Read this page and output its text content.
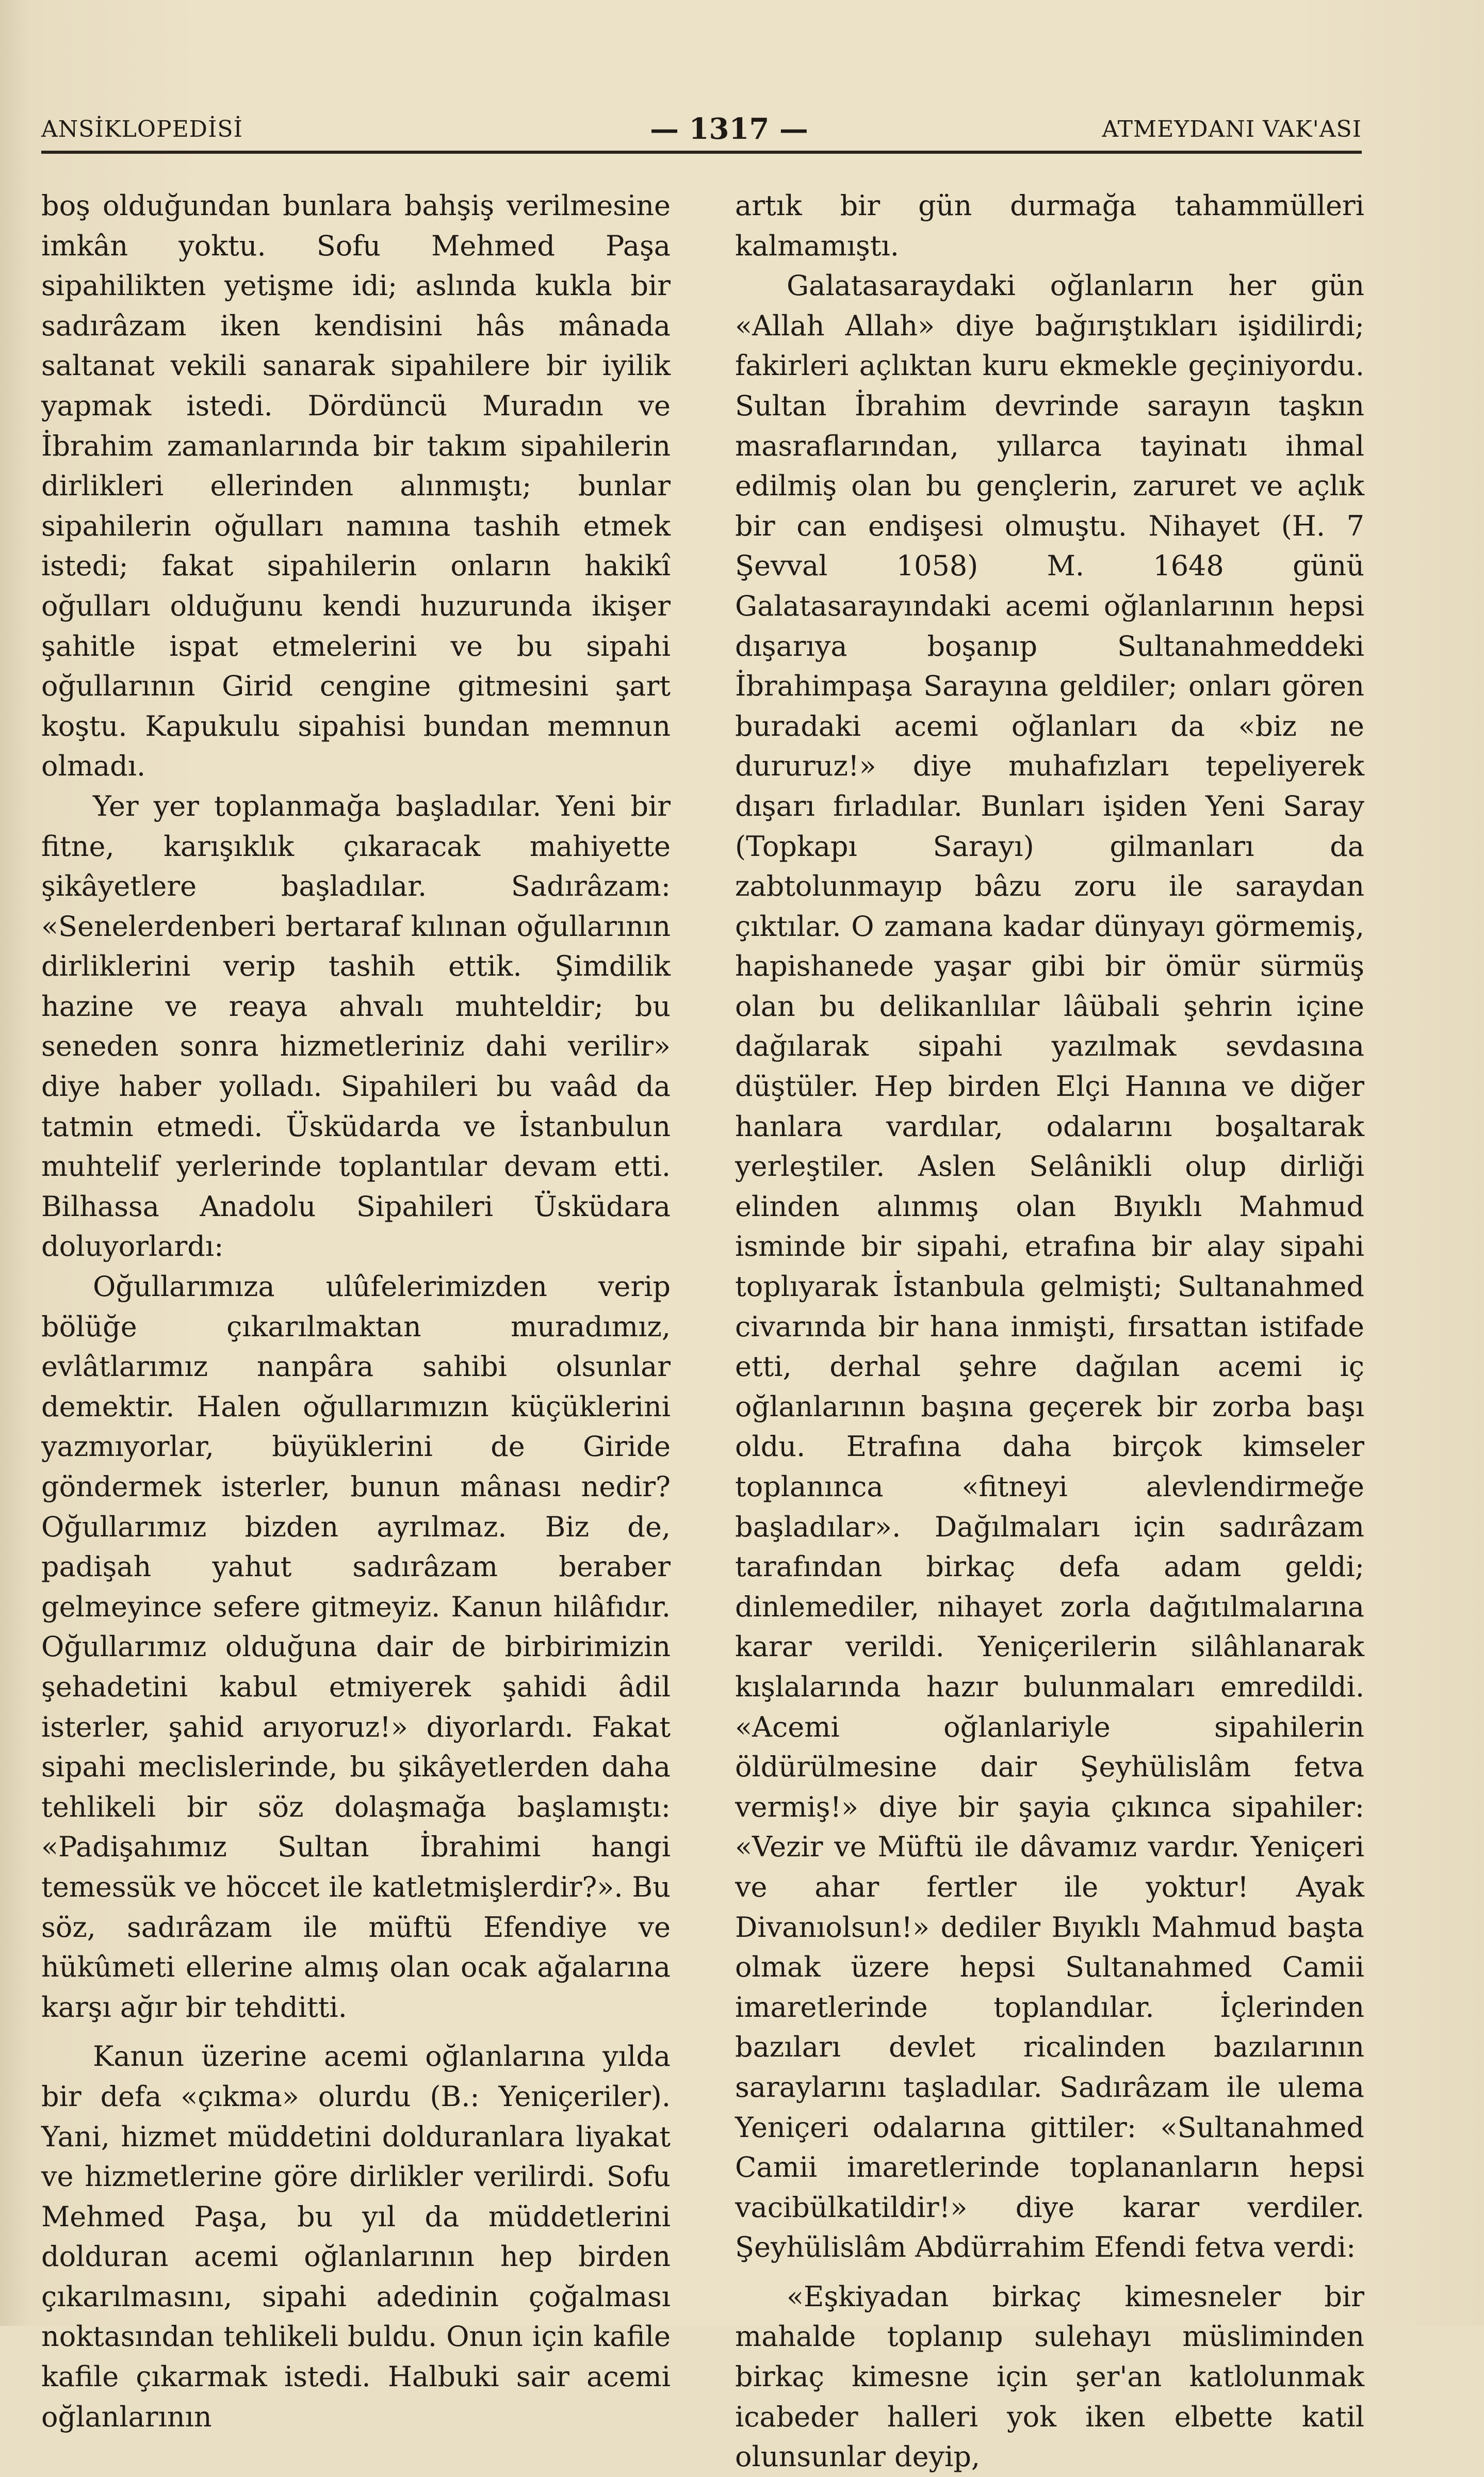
ANSİKLOPEDİSİ	— 1317 —	ATMEYDANI VAK'ASI

boş olduğundan bunlara bahşiş verilmesine imkân yoktu. Sofu Mehmed Paşa sipahilikten yetişme idi; aslında kukla bir sadırâzam iken kendisini hâs mânada saltanat vekili sanarak sipahilere bir iyilik yapmak istedi. Dördüncü Muradın ve İbrahim zamanlarında bir takım sipahilerin dirlikleri ellerinden alınmıştı; bunlar sipahilerin oğulları namına tashih etmek istedi; fakat sipahilerin onların hakikî oğulları olduğunu kendi huzurunda ikişer şahitle ispat etmelerini ve bu sipahi oğullarının Girid cengine gitmesini şart koştu. Kapukulu sipahisi bundan memnun olmadı.

Yer yer toplanmağa başladılar. Yeni bir fitne, karışıklık çıkaracak mahiyette şikâyetlere başladılar. Sadırâzam: «Senelerdenberi bertaraf kılınan oğullarının dirliklerini verip tashih ettik. Şimdilik hazine ve reaya ahvalı muhteldir; bu seneden sonra hizmetleriniz dahi verilir» diye haber yolladı. Sipahileri bu vaâd da tatmin etmedi. Üsküdarda ve İstanbulun muhtelif yerlerinde toplantılar devam etti. Bilhassa Anadolu Sipahileri Üsküdara doluyorlardı:

Oğullarımıza ulûfelerimizden verip bölüğe çıkarılmaktan muradımız, evlâtlarımız nanpâra sahibi olsunlar demektir. Halen oğullarımızın küçüklerini yazmıyorlar, büyüklerini de Giride göndermek isterler, bunun mânası nedir? Oğullarımız bizden ayrılmaz. Biz de, padişah yahut sadırâzam beraber gelmeyince sefere gitmeyiz. Kanun hilâfıdır. Oğullarımız olduğuna dair de birbirimizin şehadetini kabul etmiyerek şahidi âdil isterler, şahid arıyoruz!» diyorlardı. Fakat sipahi meclislerinde, bu şikâyetlerden daha tehlikeli bir söz dolaşmağa başlamıştı: «Padişahımız Sultan İbrahimi hangi temessük ve höccet ile katletmişlerdir?». Bu söz, sadırâzam ile müftü Efendiye ve hükûmeti ellerine almış olan ocak ağalarına karşı ağır bir tehditti.

Kanun üzerine acemi oğlanlarına yılda bir defa «çıkma» olurdu (B.: Yeniçeriler). Yani, hizmet müddetini dolduranlara liyakat ve hizmetlerine göre dirlikler verilirdi. Sofu Mehmed Paşa, bu yıl da müddetlerini dolduran acemi oğlanlarının hep birden çıkarılmasını, sipahi adedinin çoğalması noktasından tehlikeli buldu. Onun için kafile kafile çıkarmak istedi. Halbuki sair acemi oğlanlarının

artık bir gün durmağa tahammülleri kalmamıştı.

Galatasaraydaki oğlanların her gün «Allah Allah» diye bağırıştıkları işidilirdi; fakirleri açlıktan kuru ekmekle geçiniyordu. Sultan İbrahim devrinde sarayın taşkın masraflarından, yıllarca tayinatı ihmal edilmiş olan bu gençlerin, zaruret ve açlık bir can endişesi olmuştu. Nihayet (H. 7 Şevval 1058) M. 1648 günü Galatasarayındaki acemi oğlanlarının hepsi dışarıya boşanıp Sultanahmeddeki İbrahimpaşa Sarayına geldiler; onları gören buradaki acemi oğlanları da «biz ne dururuz!» diye muhafızları tepeliyerek dışarı fırladılar. Bunları işiden Yeni Saray (Topkapı Sarayı) gilmanları da zabtolunmayıp bâzu zoru ile saraydan çıktılar. O zamana kadar dünyayı görmemiş, hapishanede yaşar gibi bir ömür sürmüş olan bu delikanlılar lâübali şehrin içine dağılarak sipahi yazılmak sevdasına düştüler. Hep birden Elçi Hanına ve diğer hanlara vardılar, odalarını boşaltarak yerleştiler. Aslen Selânikli olup dirliği elinden alınmış olan Bıyıklı Mahmud isminde bir sipahi, etrafına bir alay sipahi toplıyarak İstanbula gelmişti; Sultanahmed civarında bir hana inmişti, fırsattan istifade etti, derhal şehre dağılan acemi iç oğlanlarının başına geçerek bir zorba başı oldu. Etrafına daha birçok kimseler toplanınca «fitneyi alevlendirmeğe başladılar». Dağılmaları için sadırâzam tarafından birkaç defa adam geldi; dinlemediler, nihayet zorla dağıtılmalarına karar verildi. Yeniçerilerin silâhlanarak kışlalarında hazır bulunmaları emredildi. «Acemi oğlanlariyle sipahilerin öldürülmesine dair Şeyhülislâm fetva vermiş!» diye bir şayia çıkınca sipahiler: «Vezir ve Müftü ile dâvamız vardır. Yeniçeri ve ahar fertler ile yoktur! Ayak Divanıolsun!» dediler Bıyıklı Mahmud başta olmak üzere hepsi Sultanahmed Camii imaretlerinde toplandılar. İçlerinden bazıları devlet ricalinden bazılarının saraylarını taşladılar. Sadırâzam ile ulema Yeniçeri odalarına gittiler: «Sultanahmed Camii imaretlerinde toplananların hepsi vacibülkatildir!» diye karar verdiler. Şeyhülislâm Abdürrahim Efendi fetva verdi:

«Eşkiyadan birkaç kimesneler bir mahalde toplanıp sulehayı müsliminden birkaç kimesne için şer'an katlolunmak icabeder halleri yok iken elbette katil olunsunlar deyip,
